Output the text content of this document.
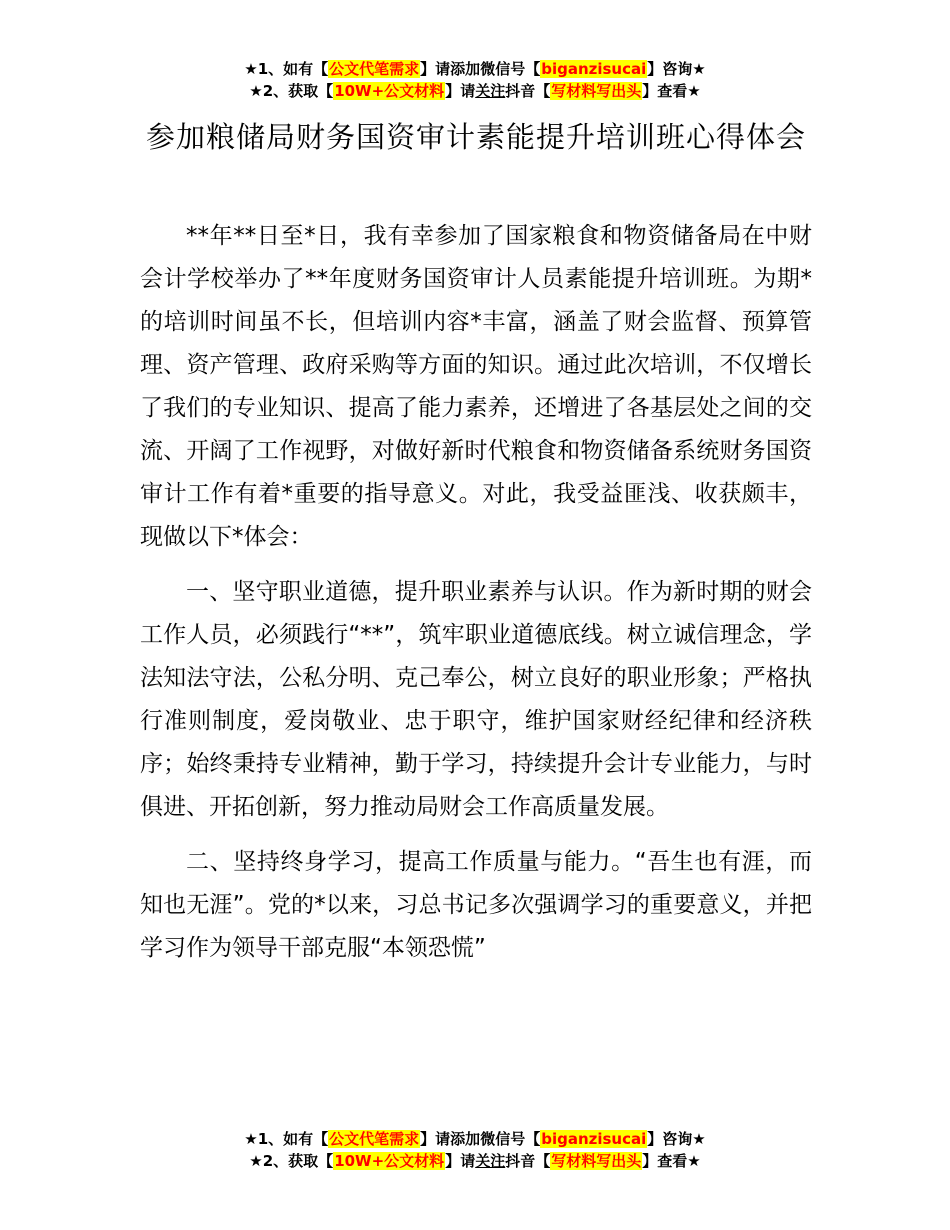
★1、如有【公文代笔需求】请添加微信号【biganzisucai】咨询★
★2、获取【10W+公文材料】请关注抖音【写材料写出头】查看★
参加粮储局财务国资审计素能提升培训班心得体会

**年**日至*日，我有幸参加了国家粮食和物资储备局在中财会计学校举办了**年度财务国资审计人员素能提升培训班。为期*的培训时间虽不长，但培训内容*丰富，涵盖了财会监督、预算管理、资产管理、政府采购等方面的知识。通过此次培训，不仅增长了我们的专业知识、提高了能力素养，还增进了各基层处之间的交流、开阔了工作视野，对做好新时代粮食和物资储备系统财务国资审计工作有着*重要的指导意义。对此，我受益匪浅、收获颇丰，现做以下*体会：

一、坚守职业道德，提升职业素养与认识。作为新时期的财会工作人员，必须践行“**”，筑牢职业道德底线。树立诚信理念，学法知法守法，公私分明、克己奉公，树立良好的职业形象；严格执行准则制度，爱岗敬业、忠于职守，维护国家财经纪律和经济秩序；始终秉持专业精神，勤于学习，持续提升会计专业能力，与时俱进、开拓创新，努力推动局财会工作高质量发展。

二、坚持终身学习，提高工作质量与能力。“吾生也有涯，而知也无涯”。党的*以来，习总书记多次强调学习的重要意义，并把学习作为领导干部克服“本领恐慌”

★1、如有【公文代笔需求】请添加微信号【biganzisucai】咨询★
★2、获取【10W+公文材料】请关注抖音【写材料写出头】查看★
